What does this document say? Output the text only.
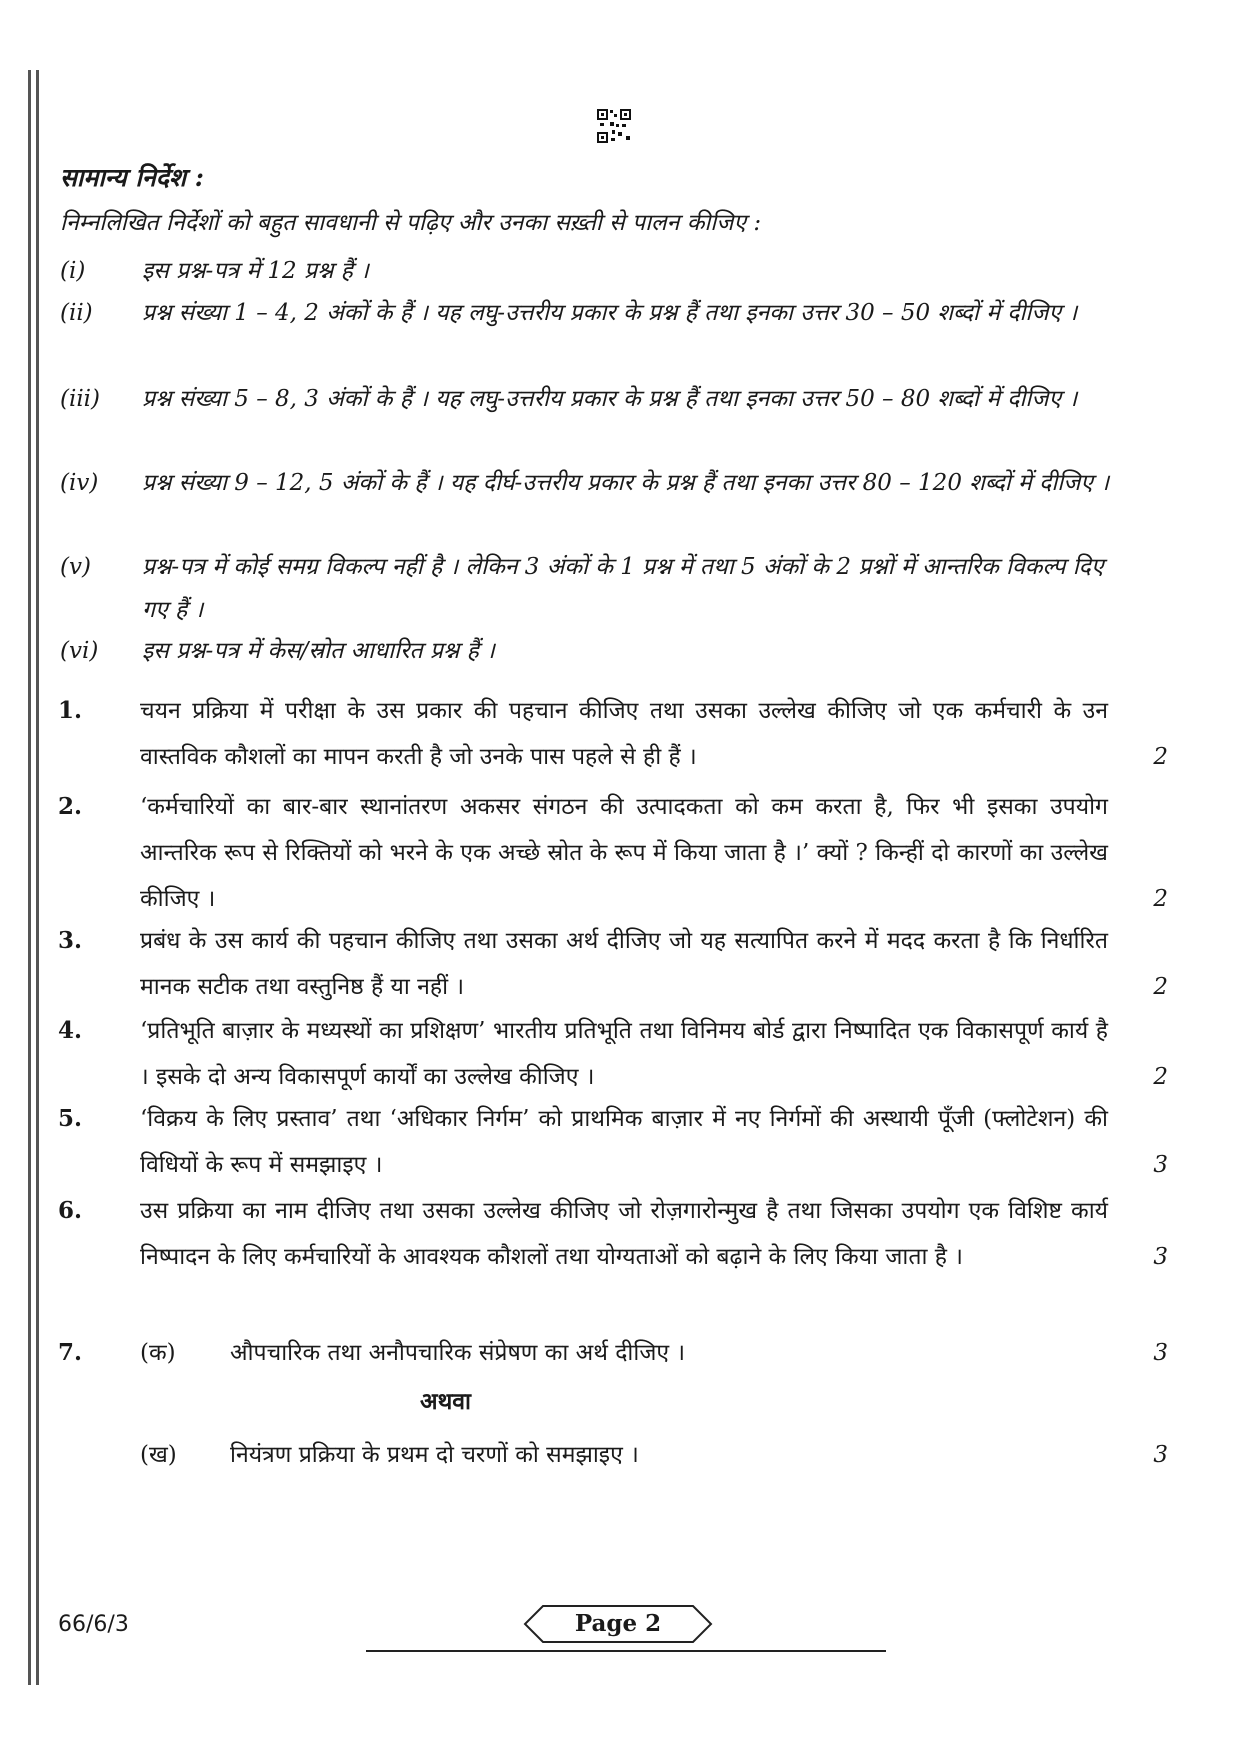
सामान्य निर्देश :
निम्नलिखित निर्देशों को बहुत सावधानी से पढ़िए और उनका सख़्ती से पालन कीजिए :
(i) इस प्रश्न-पत्र में 12 प्रश्न हैं ।
(ii) प्रश्न संख्या 1 – 4, 2 अंकों के हैं । यह लघु-उत्तरीय प्रकार के प्रश्न हैं तथा इनका उत्तर 30 – 50 शब्दों में दीजिए ।
(iii) प्रश्न संख्या 5 – 8, 3 अंकों के हैं । यह लघु-उत्तरीय प्रकार के प्रश्न हैं तथा इनका उत्तर 50 – 80 शब्दों में दीजिए ।
(iv) प्रश्न संख्या 9 – 12, 5 अंकों के हैं । यह दीर्घ-उत्तरीय प्रकार के प्रश्न हैं तथा इनका उत्तर 80 – 120 शब्दों में दीजिए ।
(v) प्रश्न-पत्र में कोई समग्र विकल्प नहीं है । लेकिन 3 अंकों के 1 प्रश्न में तथा 5 अंकों के 2 प्रश्नों में आन्तरिक विकल्प दिए गए हैं ।
(vi) इस प्रश्न-पत्र में केस/स्रोत आधारित प्रश्न हैं ।
1.	चयन प्रक्रिया में परीक्षा के उस प्रकार की पहचान कीजिए तथा उसका उल्लेख कीजिए जो एक कर्मचारी के उन वास्तविक कौशलों का मापन करती है जो उनके पास पहले से ही हैं ।	2
2.	‘कर्मचारियों का बार-बार स्थानांतरण अकसर संगठन की उत्पादकता को कम करता है, फिर भी इसका उपयोग आन्तरिक रूप से रिक्तियों को भरने के एक अच्छे स्रोत के रूप में किया जाता है ।’ क्यों ? किन्हीं दो कारणों का उल्लेख कीजिए ।	2
3.	प्रबंध के उस कार्य की पहचान कीजिए तथा उसका अर्थ दीजिए जो यह सत्यापित करने में मदद करता है कि निर्धारित मानक सटीक तथा वस्तुनिष्ठ हैं या नहीं ।	2
4.	‘प्रतिभूति बाज़ार के मध्यस्थों का प्रशिक्षण’ भारतीय प्रतिभूति तथा विनिमय बोर्ड द्वारा निष्पादित एक विकासपूर्ण कार्य है । इसके दो अन्य विकासपूर्ण कार्यों का उल्लेख कीजिए ।	2
5.	‘विक्रय के लिए प्रस्ताव’ तथा ‘अधिकार निर्गम’ को प्राथमिक बाज़ार में नए निर्गमों की अस्थायी पूँजी (फ्लोटेशन) की विधियों के रूप में समझाइए ।	3
6.	उस प्रक्रिया का नाम दीजिए तथा उसका उल्लेख कीजिए जो रोज़गारोन्मुख है तथा जिसका उपयोग एक विशिष्ट कार्य निष्पादन के लिए कर्मचारियों के आवश्यक कौशलों तथा योग्यताओं को बढ़ाने के लिए किया जाता है ।	3
7.	(क) औपचारिक तथा अनौपचारिक संप्रेषण का अर्थ दीजिए ।	3
अथवा
(ख) नियंत्रण प्रक्रिया के प्रथम दो चरणों को समझाइए ।	3
66/6/3	Page 2
